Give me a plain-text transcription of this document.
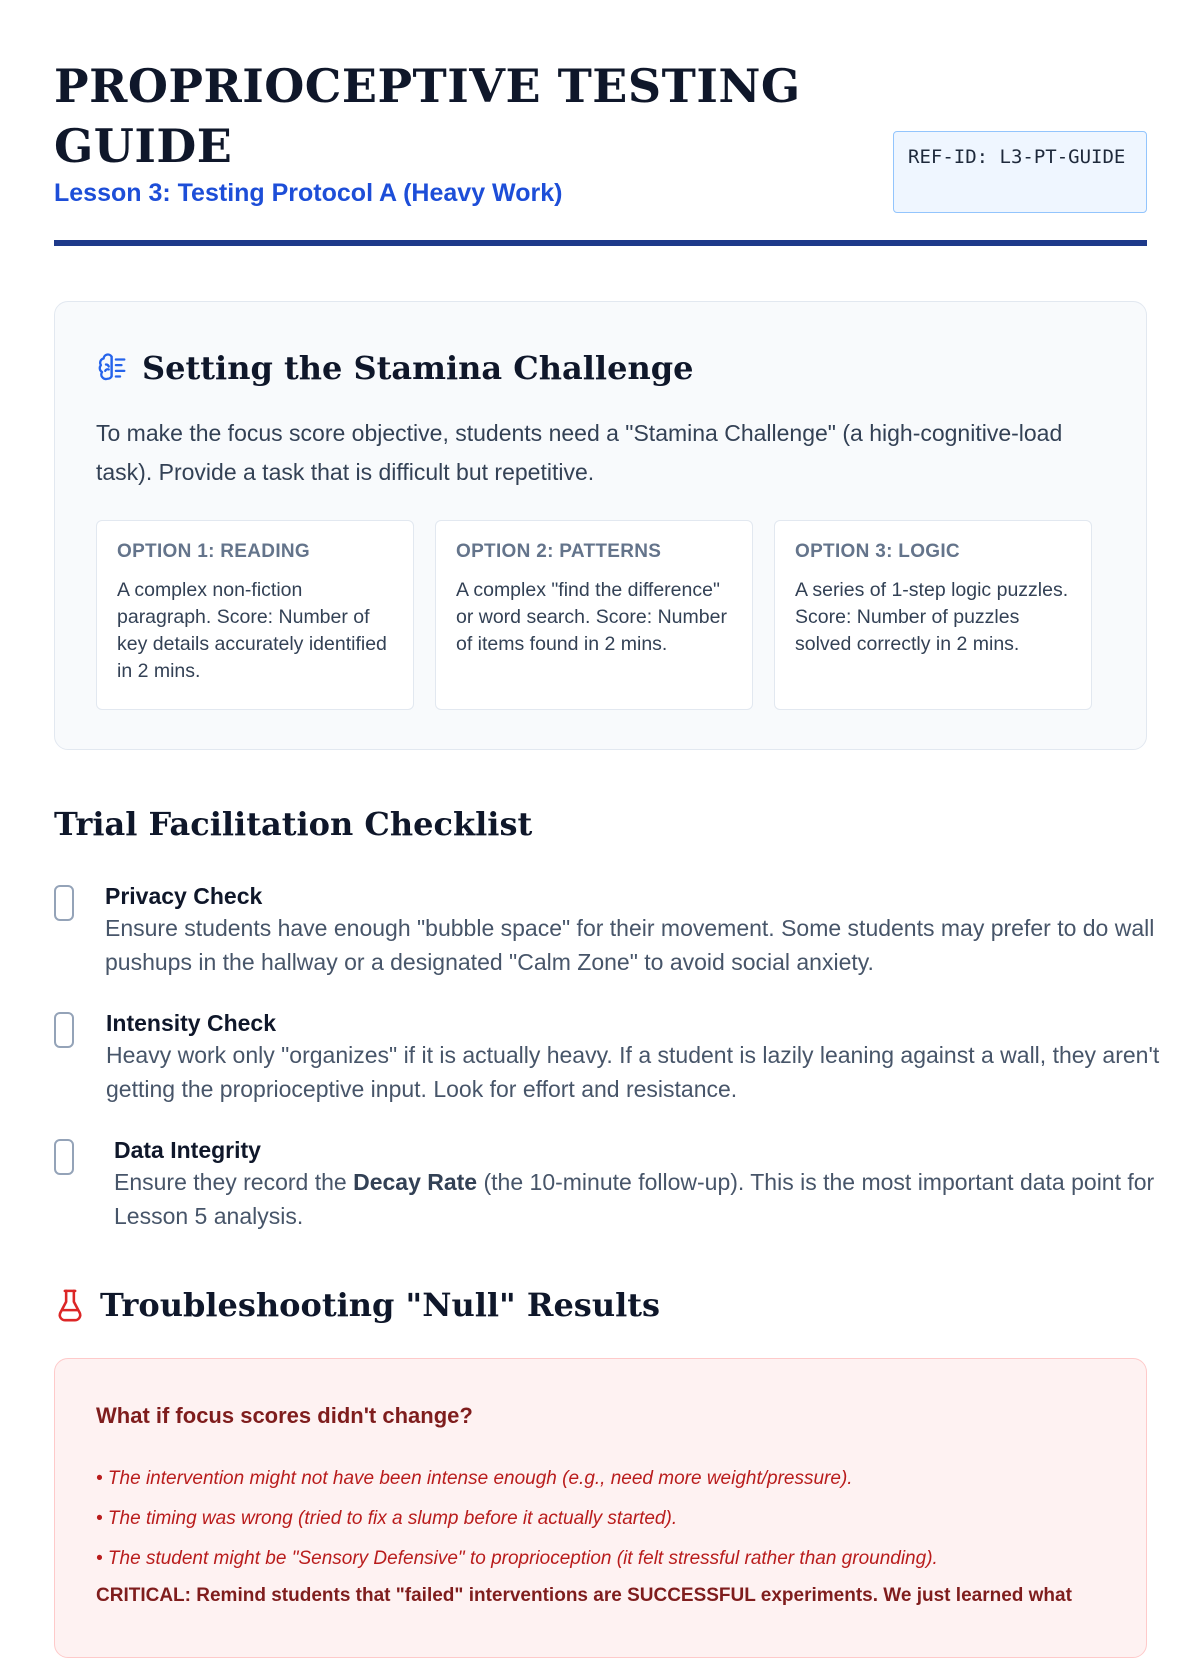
PROPRIOCEPTIVE TESTING GUIDE

Lesson 3: Testing Protocol A (Heavy Work)

REF-ID: L3-PT-GUIDE
Setting the Stamina Challenge

To make the focus score objective, students need a "Stamina Challenge" (a high-cognitive-load task). Provide a task that is difficult but repetitive.

OPTION 1: READING

A complex non-fiction paragraph. Score: Number of key details accurately identified in 2 mins.

OPTION 2: PATTERNS

A complex "find the difference" or word search. Score: Number of items found in 2 mins.

OPTION 3: LOGIC

A series of 1-step logic puzzles. Score: Number of puzzles solved correctly in 2 mins.

Trial Facilitation Checklist
Privacy Check
Ensure students have enough "bubble space" for their movement. Some students may prefer to do wall pushups in the hallway or a designated "Calm Zone" to avoid social anxiety.
Intensity Check
Heavy work only "organizes" if it is actually heavy. If a student is lazily leaning against a wall, they aren't getting the proprioceptive input. Look for effort and resistance.
Data Integrity
Ensure they record the Decay Rate (the 10-minute follow-up). This is the most important data point for Lesson 5 analysis.
Troubleshooting "Null" Results

What if focus scores didn't change?

• The intervention might not have been intense enough (e.g., need more weight/pressure).
• The timing was wrong (tried to fix a slump before it actually started).
• The student might be "Sensory Defensive" to proprioception (it felt stressful rather than grounding).

CRITICAL: Remind students that "failed" interventions are SUCCESSFUL experiments. We just learned what
